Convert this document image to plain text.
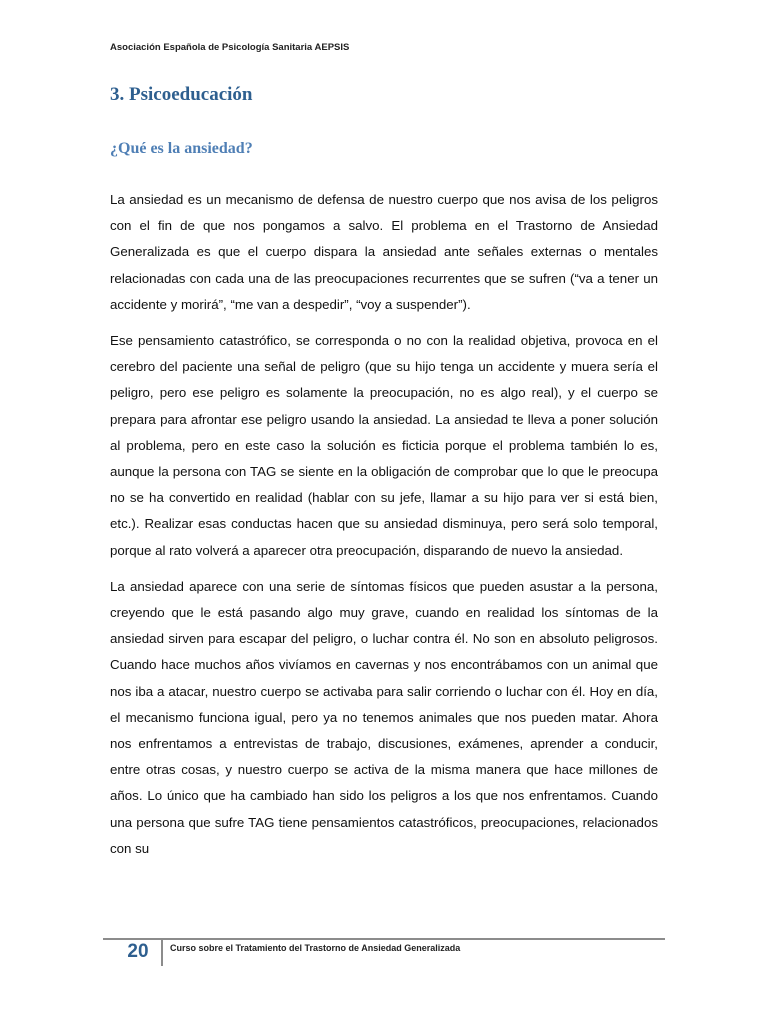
Asociación Española de Psicología Sanitaria AEPSIS
3. Psicoeducación
¿Qué es la ansiedad?

La ansiedad es un mecanismo de defensa de nuestro cuerpo que nos avisa de los peligros con el fin de que nos pongamos a salvo. El problema en el Trastorno de Ansiedad Generalizada es que el cuerpo dispara la ansiedad ante señales externas o mentales relacionadas con cada una de las preocupaciones recurrentes que se sufren (“va a tener un accidente y morirá”, “me van a despedir”, “voy a suspender”).

Ese pensamiento catastrófico, se corresponda o no con la realidad objetiva, provoca en el cerebro del paciente una señal de peligro (que su hijo tenga un accidente y muera sería el peligro, pero ese peligro es solamente la preocupación, no es algo real), y el cuerpo se prepara para afrontar ese peligro usando la ansiedad. La ansiedad te lleva a poner solución al problema, pero en este caso la solución es ficticia porque el problema también lo es, aunque la persona con TAG se siente en la obligación de comprobar que lo que le preocupa no se ha convertido en realidad (hablar con su jefe, llamar a su hijo para ver si está bien, etc.). Realizar esas conductas hacen que su ansiedad disminuya, pero será solo temporal, porque al rato volverá a aparecer otra preocupación, disparando de nuevo la ansiedad.

La ansiedad aparece con una serie de síntomas físicos que pueden asustar a la persona, creyendo que le está pasando algo muy grave, cuando en realidad los síntomas de la ansiedad sirven para escapar del peligro, o luchar contra él. No son en absoluto peligrosos. Cuando hace muchos años vivíamos en cavernas y nos encontrábamos con un animal que nos iba a atacar, nuestro cuerpo se activaba para salir corriendo o luchar con él. Hoy en día, el mecanismo funciona igual, pero ya no tenemos animales que nos pueden matar. Ahora nos enfrentamos a entrevistas de trabajo, discusiones, exámenes, aprender a conducir, entre otras cosas, y nuestro cuerpo se activa de la misma manera que hace millones de años. Lo único que ha cambiado han sido los peligros a los que nos enfrentamos. Cuando una persona que sufre TAG tiene pensamientos catastróficos, preocupaciones, relacionados con su

20	Curso sobre el Tratamiento del Trastorno de Ansiedad Generalizada
